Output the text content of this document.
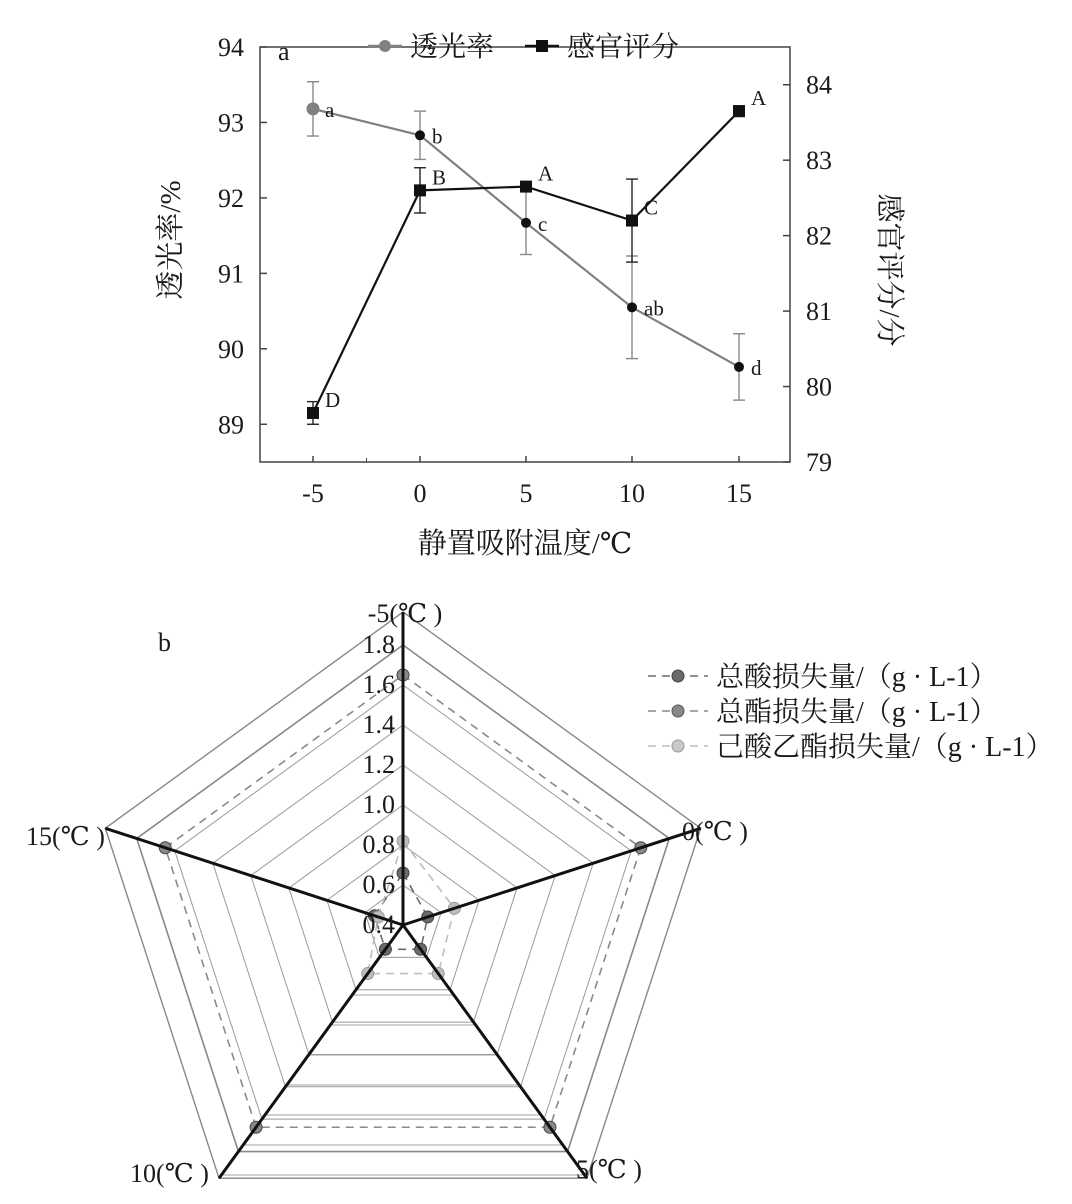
a
-5	0	5	10	15
89
90
91
92
93
94
79
80
81
82
83
84
a
b
c
ab
d
D
B	A
C
A
静置吸附温度/℃
透光率/%	感官评分/分
透光率	感官评分
b
0.4
0.6
0.8
1.0
1.2
1.4
1.6
1.8
-5(℃ )
0(℃ )
5(℃ )
10(℃ )
15(℃ )
总酸损失量/（g · L-1）
总酯损失量/（g · L-1）
己酸乙酯损失量/（g · L-1）
